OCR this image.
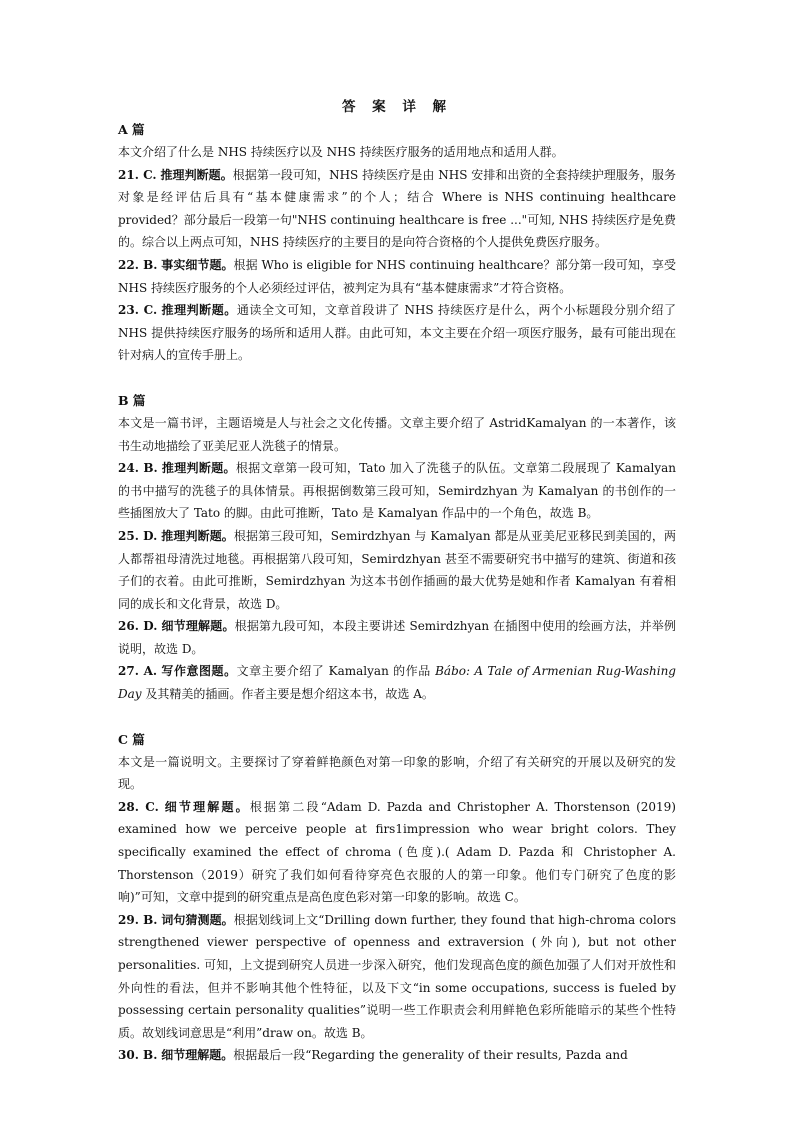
答 案 详 解

A 篇

本文介绍了什么是 NHS 持续医疗以及 NHS 持续医疗服务的适用地点和适用人群。

21. C. 推理判断题。根据第一段可知，NHS 持续医疗是由 NHS 安排和出资的全套持续护理服务，服务对象是经评估后具有“基本健康需求”的个人；结合 Where is NHS continuing healthcare provided？部分最后一段第一句"NHS continuing healthcare is free ..."可知, NHS 持续医疗是免费的。综合以上两点可知，NHS 持续医疗的主要目的是向符合资格的个人提供免费医疗服务。

22. B. 事实细节题。根据 Who is eligible for NHS continuing healthcare？部分第一段可知，享受 NHS 持续医疗服务的个人必须经过评估，被判定为具有“基本健康需求”才符合资格。

23. C. 推理判断题。通读全文可知，文章首段讲了 NHS 持续医疗是什么，两个小标题段分别介绍了 NHS 提供持续医疗服务的场所和适用人群。由此可知，本文主要在介绍一项医疗服务，最有可能出现在针对病人的宣传手册上。

B 篇

本文是一篇书评，主题语境是人与社会之文化传播。文章主要介绍了 AstridKamalyan 的一本著作，该书生动地描绘了亚美尼亚人洗毯子的情景。

24. B. 推理判断题。根据文章第一段可知，Tato 加入了洗毯子的队伍。文章第二段展现了 Kamalyan 的书中描写的洗毯子的具体情景。再根据倒数第三段可知，Semirdzhyan 为 Kamalyan 的书创作的一些插图放大了 Tato 的脚。由此可推断，Tato 是 Kamalyan 作品中的一个角色，故选 B。

25. D. 推理判断题。根据第三段可知，Semirdzhyan 与 Kamalyan 都是从亚美尼亚移民到美国的，两人都帮祖母清洗过地毯。再根据第八段可知，Semirdzhyan 甚至不需要研究书中描写的建筑、街道和孩子们的衣着。由此可推断，Semirdzhyan 为这本书创作插画的最大优势是她和作者 Kamalyan 有着相同的成长和文化背景，故选 D。

26. D. 细节理解题。根据第九段可知，本段主要讲述 Semirdzhyan 在插图中使用的绘画方法，并举例说明，故选 D。

27. A. 写作意图题。文章主要介绍了 Kamalyan 的作品 Bábo: A Tale of Armenian Rug-Washing Day 及其精美的插画。作者主要是想介绍这本书，故选 A。

C 篇

本文是一篇说明文。主要探讨了穿着鲜艳颜色对第一印象的影响，介绍了有关研究的开展以及研究的发现。

28. C. 细节理解题。根据第二段“Adam D. Pazda and Christopher A. Thorstenson (2019) examined how we perceive people at firs1impression who wear bright colors. They specifically examined the effect of chroma (色度).( Adam D. Pazda 和 Christopher A. Thorstenson（2019）研究了我们如何看待穿亮色衣服的人的第一印象。他们专门研究了色度的影响)”可知，文章中提到的研究重点是高色度色彩对第一印象的影响。故选 C。

29. B. 词句猜测题。根据划线词上文“Drilling down further, they found that high-chroma colors strengthened viewer perspective of openness and extraversion (外向), but not other personalities. 可知，上文提到研究人员进一步深入研究，他们发现高色度的颜色加强了人们对开放性和外向性的看法，但并不影响其他个性特征，以及下文“in some occupations, success is fueled by possessing certain personality qualities”说明一些工作职责会利用鲜艳色彩所能暗示的某些个性特质。故划线词意思是“利用”draw on。故选 B。

30. B. 细节理解题。根据最后一段“Regarding the generality of their results, Pazda and
